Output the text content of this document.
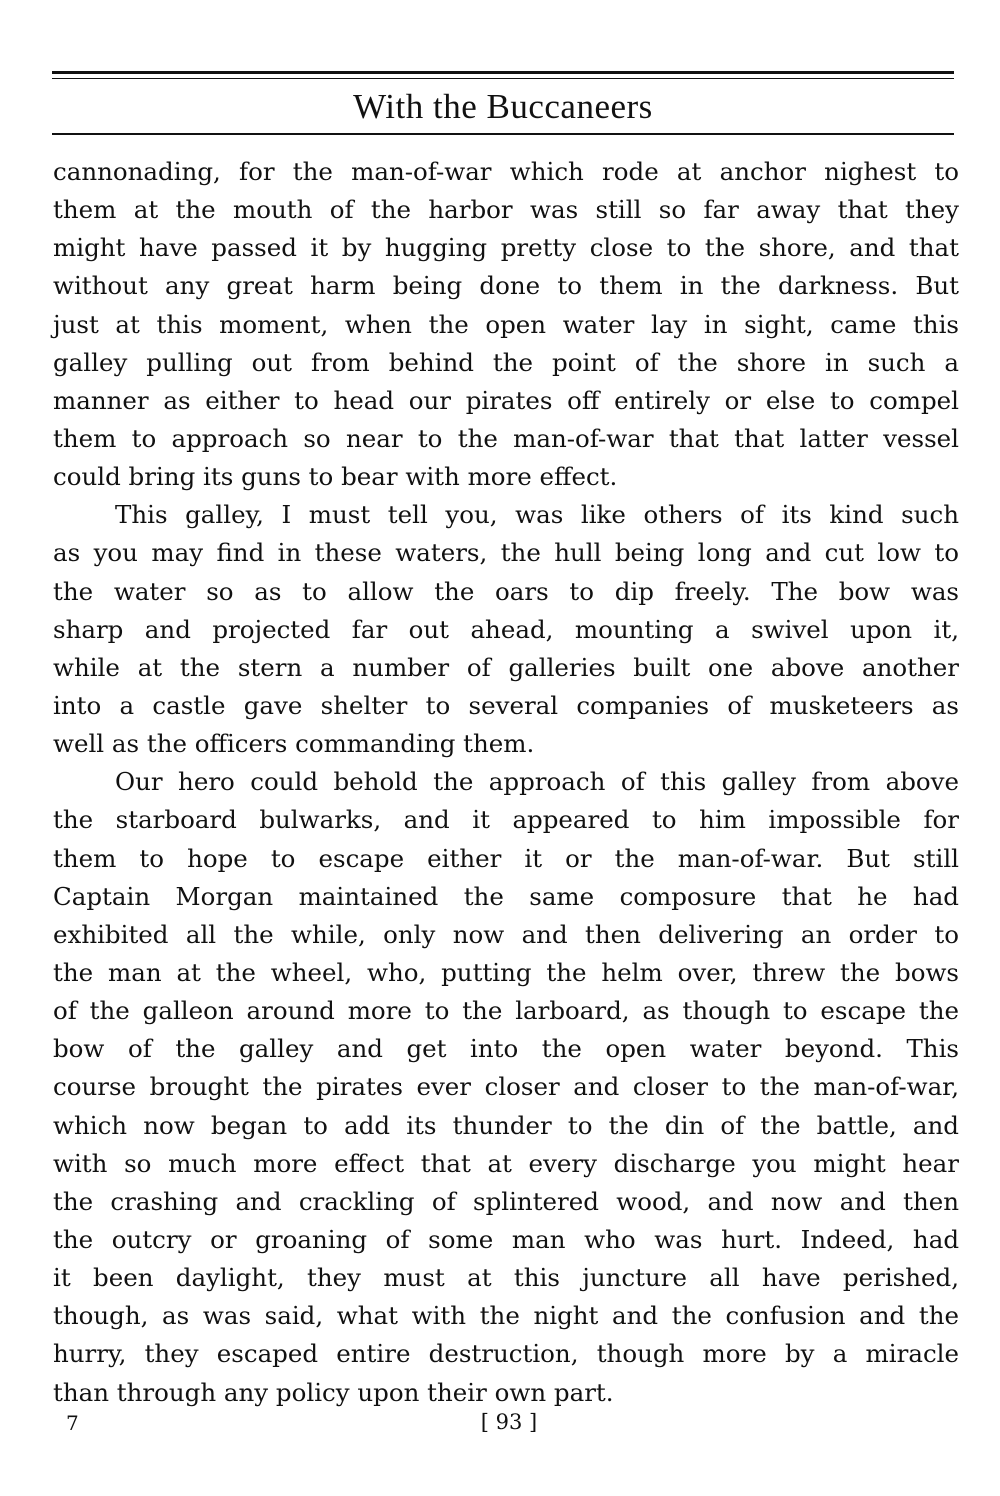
With the Buccaneers
cannonading, for the man-of-war which rode at anchor nighest to
them at the mouth of the harbor was still so far away that they
might have passed it by hugging pretty close to the shore, and that
without any great harm being done to them in the darkness. But
just at this moment, when the open water lay in sight, came this
galley pulling out from behind the point of the shore in such a
manner as either to head our pirates off entirely or else to compel
them to approach so near to the man-of-war that that latter vessel
could bring its guns to bear with more effect.
This galley, I must tell you, was like others of its kind such
as you may find in these waters, the hull being long and cut low to
the water so as to allow the oars to dip freely. The bow was
sharp and projected far out ahead, mounting a swivel upon it,
while at the stern a number of galleries built one above another
into a castle gave shelter to several companies of musketeers as
well as the officers commanding them.
Our hero could behold the approach of this galley from above
the starboard bulwarks, and it appeared to him impossible for
them to hope to escape either it or the man-of-war. But still
Captain Morgan maintained the same composure that he had
exhibited all the while, only now and then delivering an order to
the man at the wheel, who, putting the helm over, threw the bows
of the galleon around more to the larboard, as though to escape the
bow of the galley and get into the open water beyond. This
course brought the pirates ever closer and closer to the man-of-war,
which now began to add its thunder to the din of the battle, and
with so much more effect that at every discharge you might hear
the crashing and crackling of splintered wood, and now and then
the outcry or groaning of some man who was hurt. Indeed, had
it been daylight, they must at this juncture all have perished,
though, as was said, what with the night and the confusion and the
hurry, they escaped entire destruction, though more by a miracle
than through any policy upon their own part.
7	[ 93 ]
